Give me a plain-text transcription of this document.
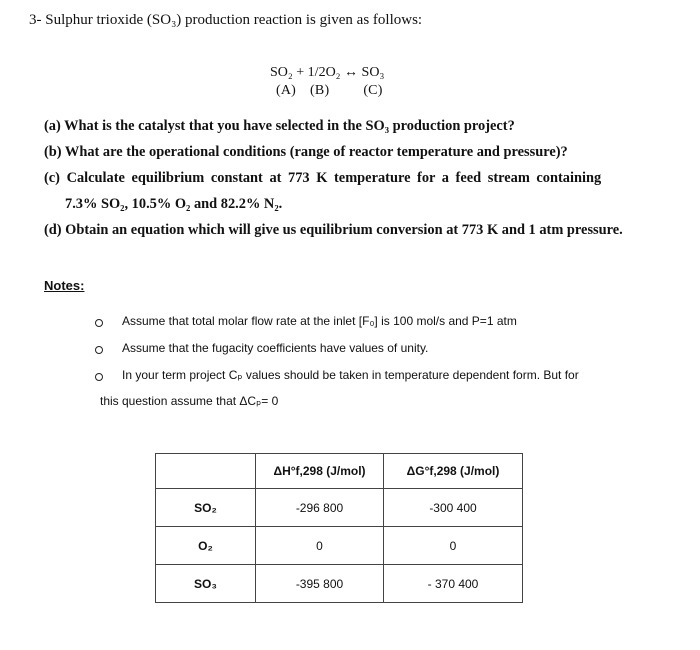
3- Sulphur trioxide (SO₃) production reaction is given as follows:
SO₂ + 1/2O₂ ↔ SO₃
(A) (B) (C)
(a) What is the catalyst that you have selected in the SO₃ production project?
(b) What are the operational conditions (range of reactor temperature and pressure)?
(c) Calculate equilibrium constant at 773 K temperature for a feed stream containing
7.3% SO₂, 10.5% O₂ and 82.2% N₂.
(d) Obtain an equation which will give us equilibrium conversion at 773 K and 1 atm pressure.
Notes:
Assume that total molar flow rate at the inlet [F₀] is 100 mol/s and P=1 atm
Assume that the fugacity coefficients have values of unity.
In your term project Cₚ values should be taken in temperature dependent form. But for
this question assume that ΔCₚ= 0
	ΔH°f,298 (J/mol)	ΔG°f,298 (J/mol)
SO₂	-296 800	-300 400
O₂	0	0
SO₃	-395 800	- 370 400
